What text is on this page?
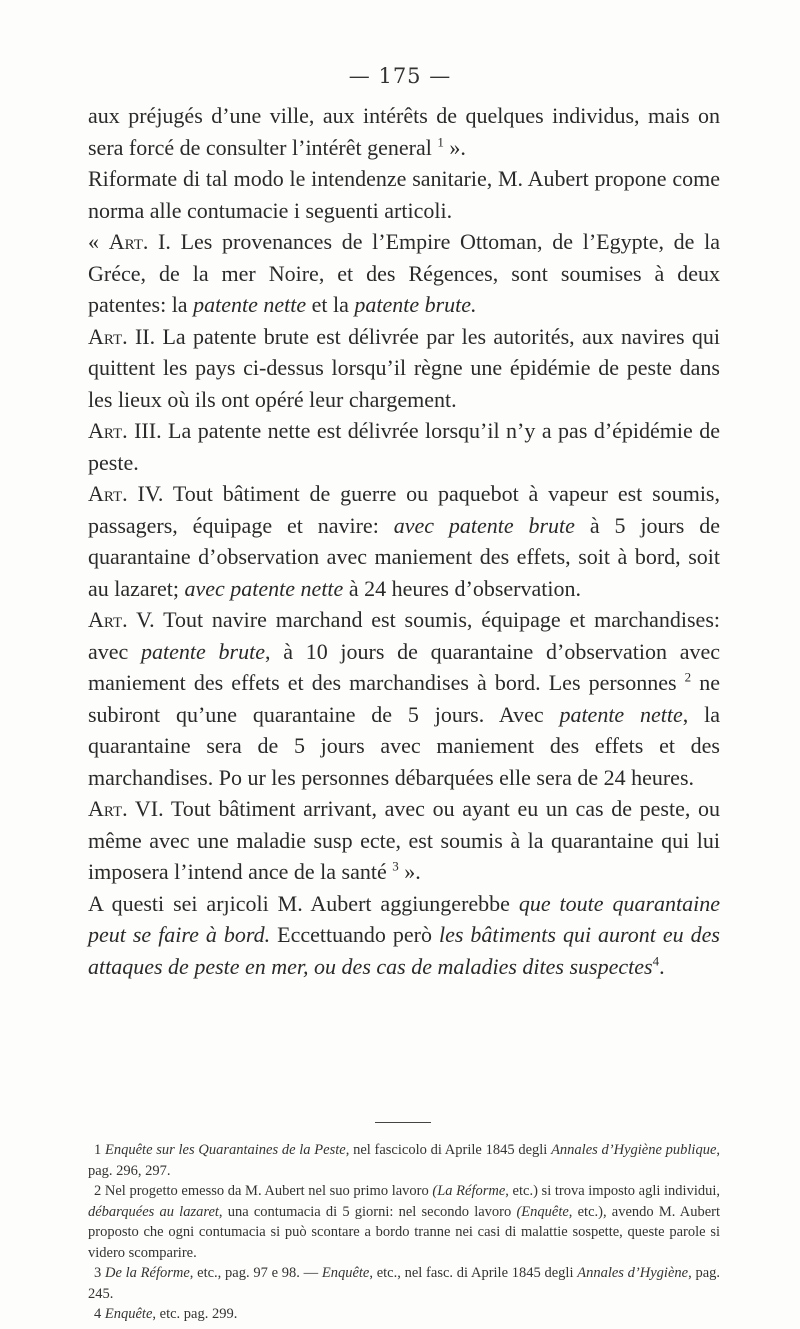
— 175 —

aux préjugés d’une ville, aux intérêts de quelques individus, mais on sera forcé de consulter l’intérêt general $^1$ ».

Riformate di tal modo le intendenze sanitarie, M. Aubert propone come norma alle contumacie i seguenti articoli.

« Art. I. Les provenances de l’Empire Ottoman, de l’Egypte, de la Gréce, de la mer Noire, et des Régences, sont soumises à deux patentes: la patente nette et la patente brute.

Art. II. La patente brute est délivrée par les autorités, aux navires qui quittent les pays ci-dessus lorsqu’il règne une épidémie de peste dans les lieux où ils ont opéré leur chargement.

Art. III. La patente nette est délivrée lorsqu’il n’y a pas d’épidémie de peste.

Art. IV. Tout bâtiment de guerre ou paquebot à vapeur est soumis, passagers, équipage et navire: avec patente brute à 5 jours de quarantaine d’observation avec maniement des effets, soit à bord, soit au lazaret; avec patente nette à 24 heures d’observation.

Art. V. Tout navire marchand est soumis, équipage et marchandises: avec patente brute, à 10 jours de quarantaine d’observation avec maniement des effets et des marchandises à bord. Les personnes $^2$ ne subiront qu’une quarantaine de 5 jours. Avec patente nette, la quarantaine sera de 5 jours avec maniement des effets et des marchandises. Po ur les personnes débarquées elle sera de 24 heures.

Art. VI. Tout bâtiment arrivant, avec ou ayant eu un cas de peste, ou même avec une maladie susp ecte, est soumis à la quarantaine qui lui imposera l’intend ance de la santé $^3$ ».

A questi sei arȷicoli M. Aubert aggiungerebbe que toute quarantaine peut se faire à bord. Eccettuando però les bâtiments qui auront eu des attaques de peste en mer, ou des cas de maladies dites suspectes$^4$.

1 Enquête sur les Quarantaines de la Peste, nel fascicolo di Aprile 1845 degli Annales d’Hygiène publique, pag. 296, 297.

2 Nel progetto emesso da M. Aubert nel suo primo lavoro (La Réforme, etc.) si trova imposto agli individui, débarquées au lazaret, una contumacia di 5 giorni: nel secondo lavoro (Enquête, etc.), avendo M. Aubert proposto che ogni contumacia si può scontare a bordo tranne nei casi di malattie sospette, queste parole si videro scomparire.

3 De la Réforme, etc., pag. 97 e 98. — Enquête, etc., nel fasc. di Aprile 1845 degli Annales d’Hygiène, pag. 245.

4 Enquête, etc. pag. 299.
